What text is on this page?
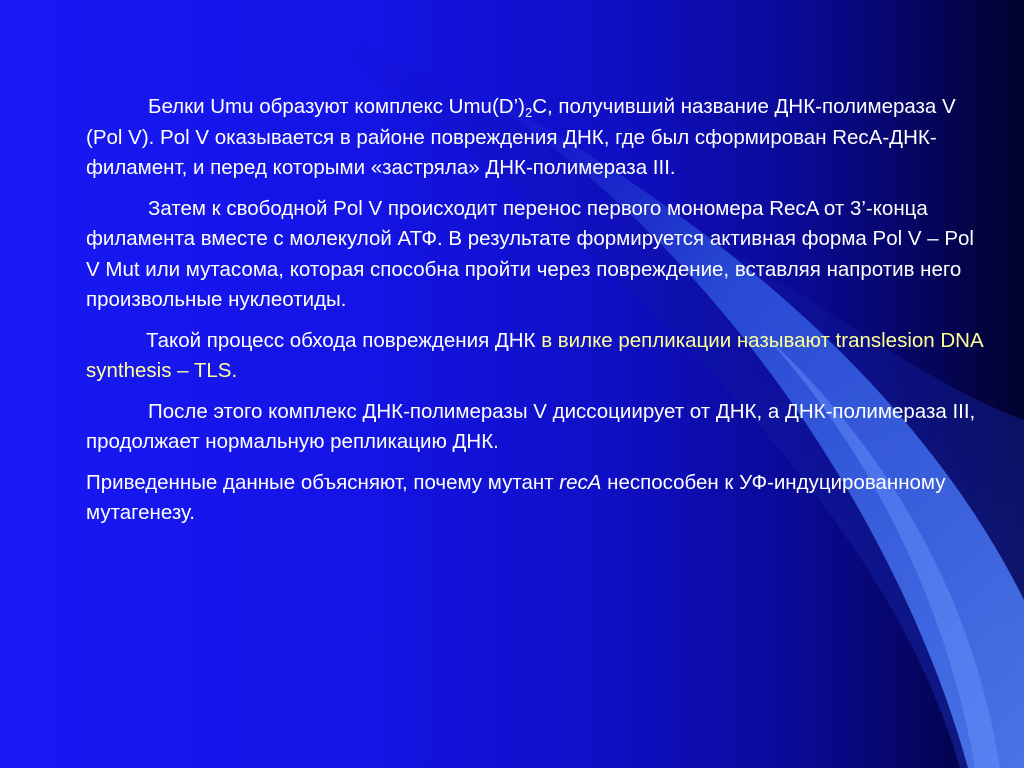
Белки Umu образуют комплекс $Umu(D’)_2C$, получивший название ДНК-полимераза V (Pol V). Pol V оказывается в районе повреждения ДНК, где был сформирован RecA-ДНК-филамент, и перед которыми «застряла» ДНК-полимераза III.

Затем к свободной Pol V происходит перенос первого мономера RecA от 3’-конца филамента вместе с молекулой АТФ. В результате формируется активная форма Pol V – Pol V Mut или мутасома, которая способна пройти через повреждение, вставляя напротив него произвольные нуклеотиды.

Такой процесс обхода повреждения ДНК в вилке репликации называют translesion DNA synthesis – TLS.

После этого комплекс ДНК-полимеразы V диссоциирует от ДНК, а ДНК-полимераза III, продолжает нормальную репликацию ДНК.

Приведенные данные объясняют, почему мутант recA неспособен к УФ-индуцированному мутагенезу.
